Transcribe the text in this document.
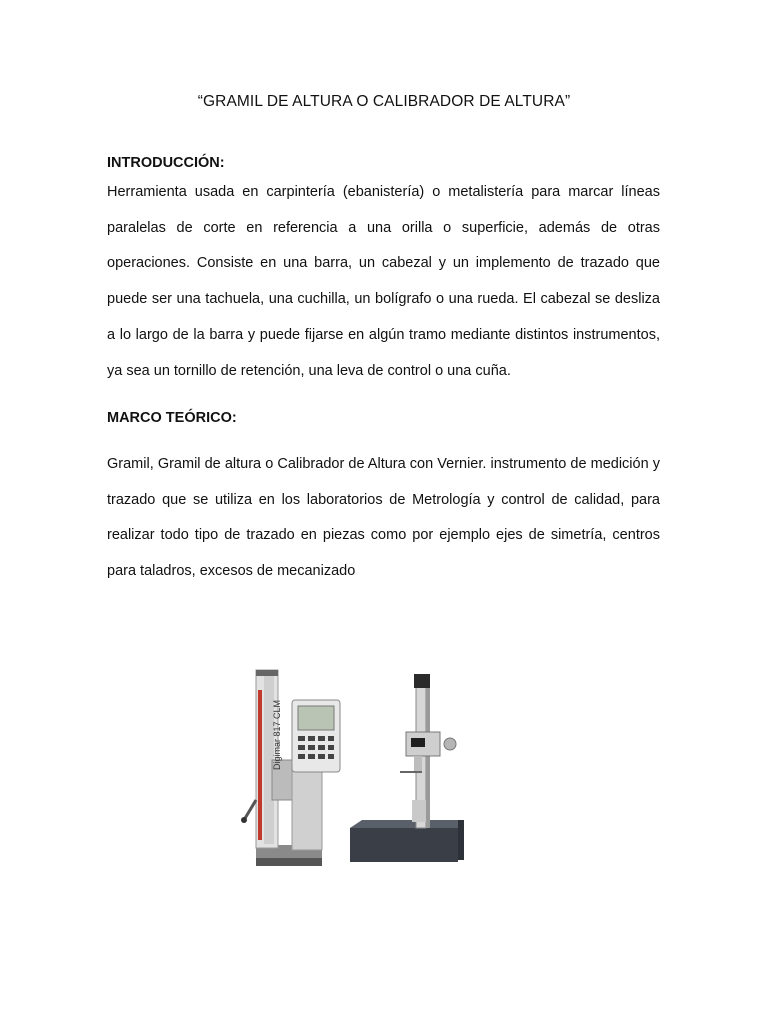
“GRAMIL DE ALTURA O CALIBRADOR DE ALTURA”
INTRODUCCIÓN:
Herramienta usada en carpintería (ebanistería) o metalistería para marcar líneas paralelas de corte en referencia a una orilla o superficie, además de otras operaciones. Consiste en una barra, un cabezal y un implemento de trazado que puede ser una tachuela, una cuchilla, un bolígrafo o una rueda. El cabezal se desliza a lo largo de la barra y puede fijarse en algún tramo mediante distintos instrumentos, ya sea un tornillo de retención, una leva de control o una cuña.
MARCO TEÓRICO:
Gramil, Gramil de altura o Calibrador de Altura con Vernier. instrumento de medición y trazado que se utiliza en los laboratorios de Metrología y control de calidad, para realizar todo tipo de trazado en piezas como por ejemplo ejes de simetría, centros para taladros, excesos de mecanizado
Digimar 817 CLM
